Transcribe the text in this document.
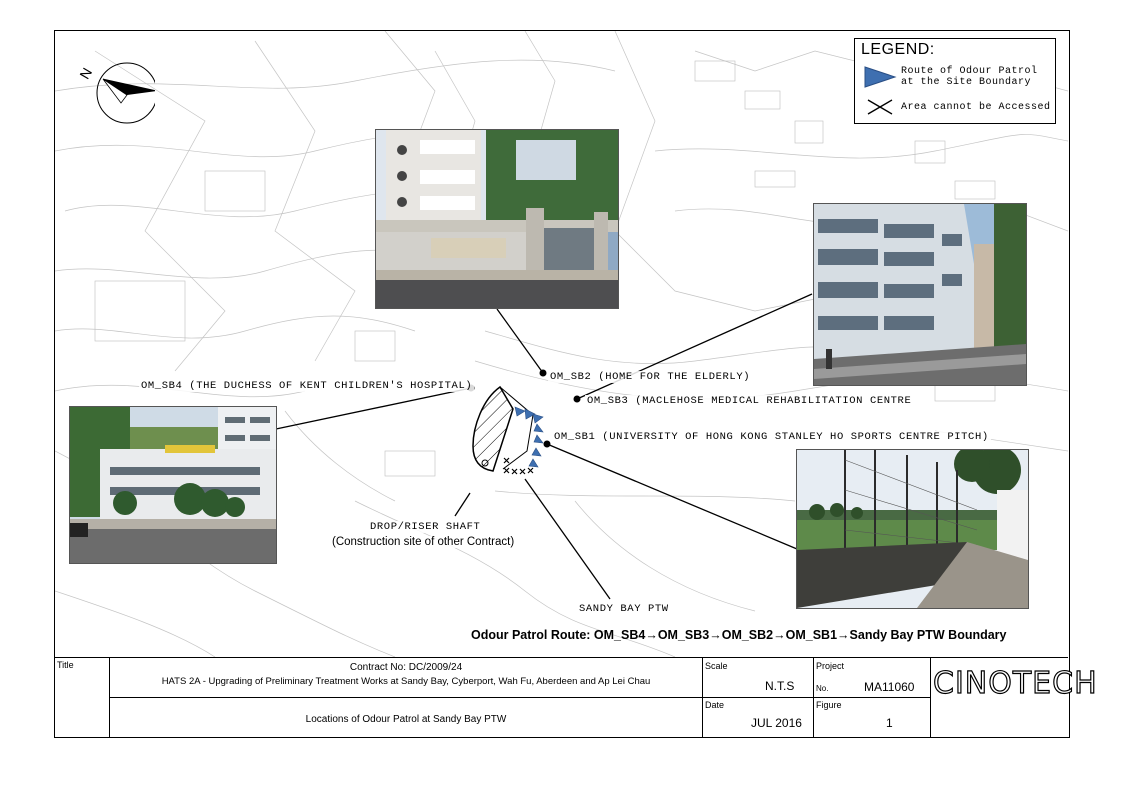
N
OM_SB4 (THE DUCHESS OF KENT CHILDREN'S HOSPITAL)
OM_SB2 (HOME FOR THE ELDERLY)
OM_SB3 (MACLEHOSE MEDICAL REHABILITATION CENTRE
OM_SB1 (UNIVERSITY OF HONG KONG STANLEY HO SPORTS CENTRE PITCH)
DROP/RISER SHAFT
(Construction site of other Contract)
SANDY BAY PTW
LEGEND:
Route of Odour Patrol
at the Site Boundary
Area cannot be Accessed
Odour Patrol Route: OM_SB4→OM_SB3→OM_SB2→OM_SB1→Sandy Bay PTW Boundary
Title	Contract No: DC/2009/24
HATS 2A - Upgrading of Preliminary Treatment Works at Sandy Bay, Cyberport, Wah Fu, Aberdeen and Ap Lei Chau
Locations of Odour Patrol at Sandy Bay PTW
Scale
N.T.S
Date
JUL 2016
Project
No.	MA11060
Figure
1
CINOTECH
